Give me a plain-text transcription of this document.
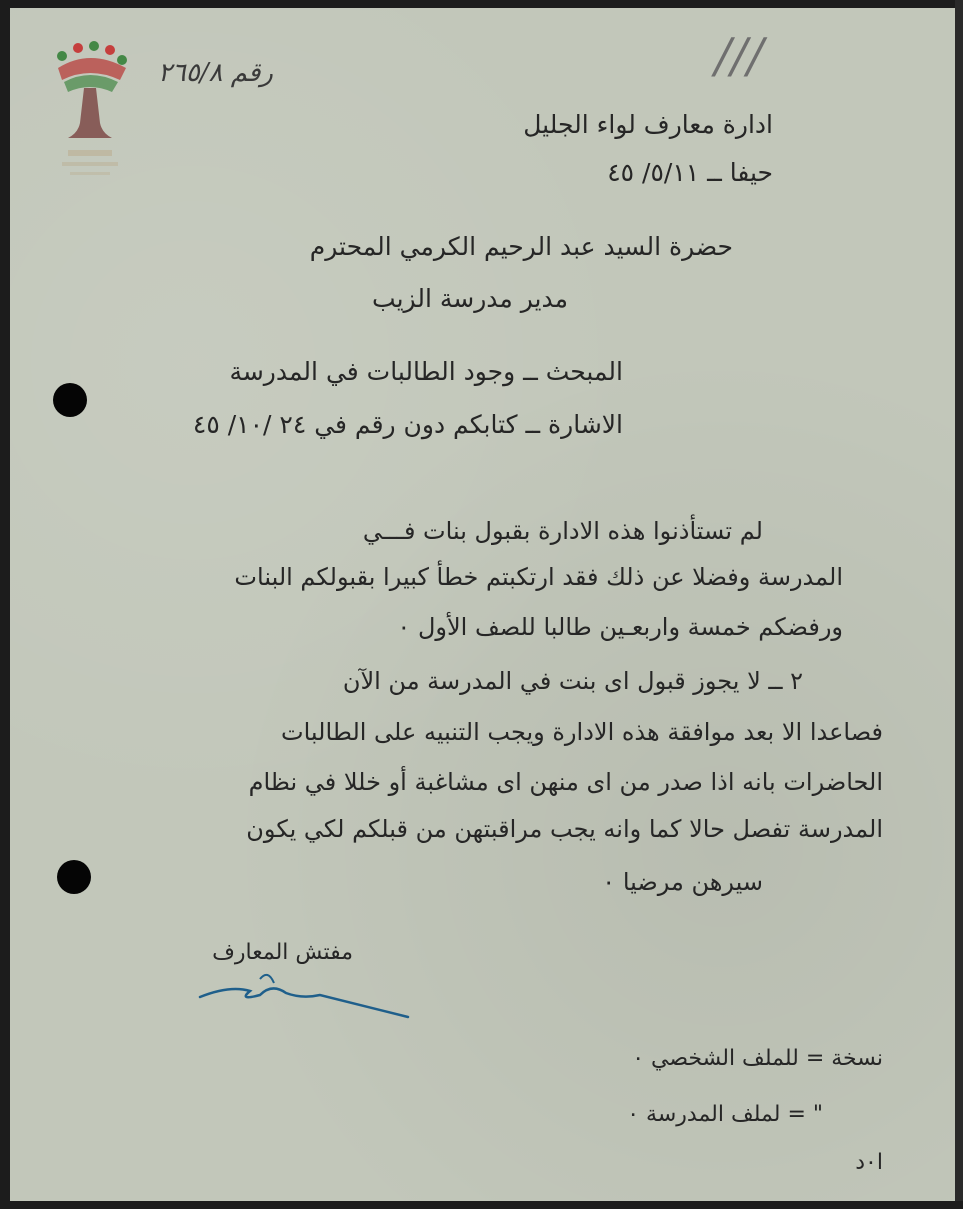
///
رقم ٢٦٥/٨
ادارة معارف لواء الجليل
حيفا ــ ٥/١١/ ٤٥
حضرة السيد عبد الرحيم الكرمي المحترم
مدير مدرسة الزيب
المبحث ــ وجود الطالبات في المدرسة
الاشارة ــ كتابكم دون رقم في ٢٤ /١٠/ ٤٥
لم تستأذنوا هذه الادارة بقبول بنات فـــي
المدرسة وفضلا عن ذلك فقد ارتكبتم خطأ كبيرا بقبولكم البنات
ورفضكم خمسة واربعـين طالبا للصف الأول ٠
٢ ــ لا يجوز قبول اى بنت في المدرسة من الآن
فصاعدا الا بعد موافقة هذه الادارة ويجب التنبيه على الطالبات
الحاضرات بانه اذا صدر من اى منهن اى مشاغبة أو خللا في نظام
المدرسة تفصل حالا كما وانه يجب مراقبتهن من قبلكم لكي يكون
سيرهن مرضيا ٠
مفتش المعارف
نسخة = للملف الشخصي ٠
" = لملف المدرسة ٠
ا٠د
